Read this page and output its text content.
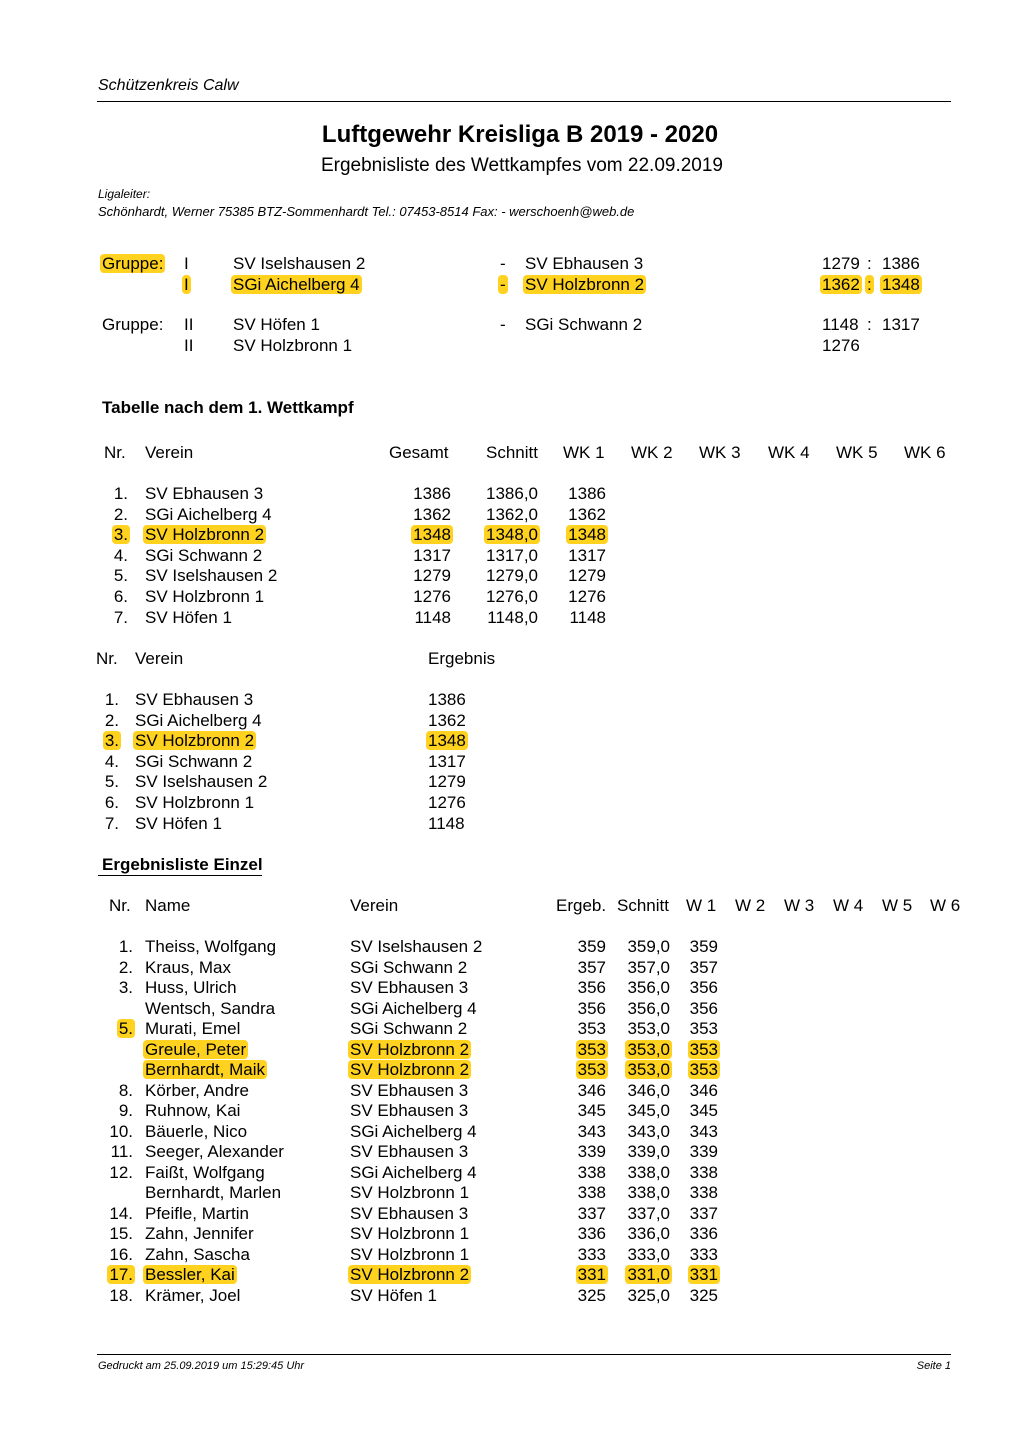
Schützenkreis Calw
Luftgewehr Kreisliga B 2019 - 2020
Ergebnisliste des Wettkampfes vom 22.09.2019
Ligaleiter:
Schönhardt, Werner 75385 BTZ-Sommenhardt Tel.: 07453-8514 Fax: - werschoenh@web.de
Gruppe: I	SV Iselshausen 2	- SV Ebhausen 3	1279 : 1386
I	SGi Aichelberg 4	- SV Holzbronn 2	1362 : 1348
Gruppe: II SV Höfen 1	- SGi Schwann 2	1148 : 1317
II SV Holzbronn 1	1276
Tabelle nach dem 1. Wettkampf
Nr. Verein	Gesamt Schnitt WK 1 WK 2 WK 3 WK 4 WK 5 WK 6
1. SV Ebhausen 3	1386	1386,0	1386
2. SGi Aichelberg 4	1362	1362,0	1362
3. SV Holzbronn 2	1348	1348,0	1348
4. SGi Schwann 2	1317	1317,0	1317
5. SV Iselshausen 2	1279	1279,0	1279
6. SV Holzbronn 1	1276	1276,0	1276
7. SV Höfen 1	1148	1148,0	1148
Nr. Verein	Ergebnis
1. SV Ebhausen 3	1386
2. SGi Aichelberg 4	1362
3. SV Holzbronn 2	1348
4. SGi Schwann 2	1317
5. SV Iselshausen 2	1279
6. SV Holzbronn 1	1276
7. SV Höfen 1	1148
Ergebnisliste Einzel
Nr. Name	Verein	Ergeb. Schnitt W 1 W 2 W 3 W 4 W 5 W 6
1. Theiss, Wolfgang	SV Iselshausen 2	359	359,0	359
2. Kraus, Max	SGi Schwann 2	357	357,0	357
3. Huss, Ulrich	SV Ebhausen 3	356	356,0	356
Wentsch, Sandra	SGi Aichelberg 4	356	356,0	356
5. Murati, Emel	SGi Schwann 2	353	353,0	353
Greule, Peter	SV Holzbronn 2	353	353,0	353
Bernhardt, Maik	SV Holzbronn 2	353	353,0	353
8. Körber, Andre	SV Ebhausen 3	346	346,0	346
9. Ruhnow, Kai	SV Ebhausen 3	345	345,0	345
10. Bäuerle, Nico	SGi Aichelberg 4	343	343,0	343
11. Seeger, Alexander	SV Ebhausen 3	339	339,0	339
12. Faißt, Wolfgang	SGi Aichelberg 4	338	338,0	338
Bernhardt, Marlen	SV Holzbronn 1	338	338,0	338
14. Pfeifle, Martin	SV Ebhausen 3	337	337,0	337
15. Zahn, Jennifer	SV Holzbronn 1	336	336,0	336
16. Zahn, Sascha	SV Holzbronn 1	333	333,0	333
17. Bessler, Kai	SV Holzbronn 2	331	331,0	331
18. Krämer, Joel	SV Höfen 1	325	325,0	325
Gedruckt am 25.09.2019 um 15:29:45 Uhr	Seite 1
